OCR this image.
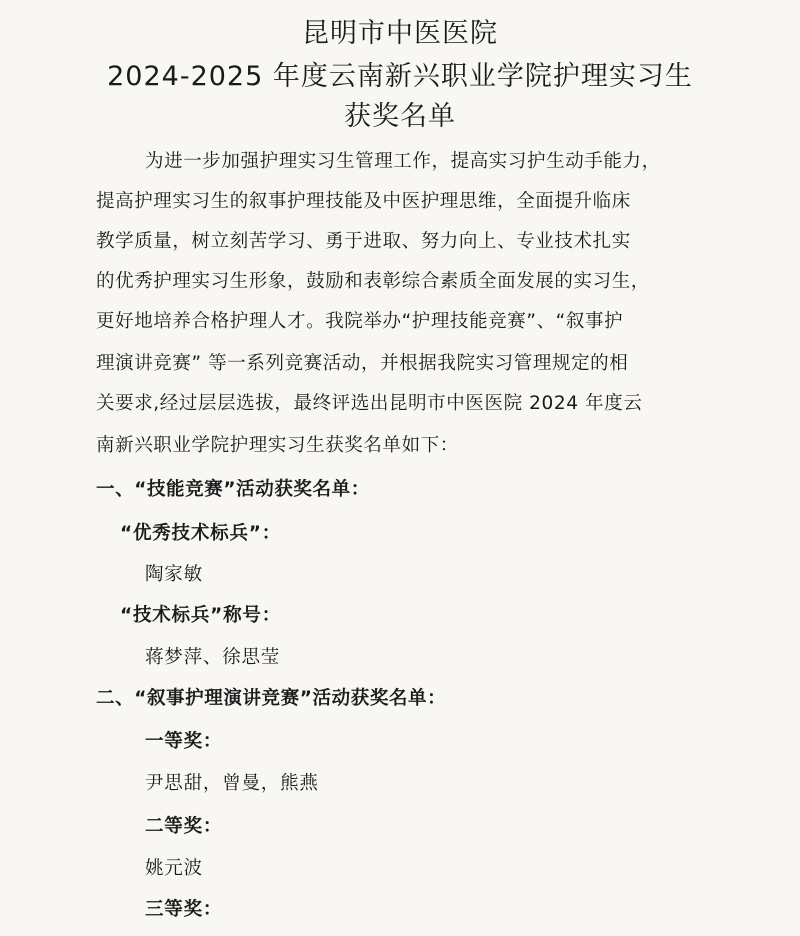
昆明市中医医院
2024-2025 年度云南新兴职业学院护理实习生
获奖名单
为进一步加强护理实习生管理工作，提高实习护生动手能力，
提高护理实习生的叙事护理技能及中医护理思维，全面提升临床
教学质量，树立刻苦学习、勇于进取、努力向上、专业技术扎实
的优秀护理实习生形象，鼓励和表彰综合素质全面发展的实习生，
更好地培养合格护理人才。我院举办“护理技能竞赛”、“叙事护
理演讲竞赛” 等一系列竞赛活动，并根据我院实习管理规定的相
关要求,经过层层选拔，最终评选出昆明市中医医院 2024 年度云
南新兴职业学院护理实习生获奖名单如下：
一、“技能竞赛”活动获奖名单：
“优秀技术标兵”：
陶家敏
“技术标兵”称号：
蒋梦萍、徐思莹
二、“叙事护理演讲竞赛”活动获奖名单：
一等奖：
尹思甜，曾曼，熊燕
二等奖：
姚元波
三等奖：
